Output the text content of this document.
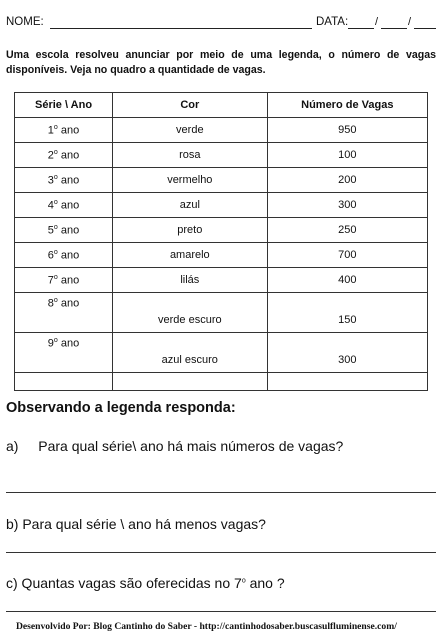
NOME:	DATA: /	/
Uma escola resolveu anunciar por meio de uma legenda, o número de vagas disponíveis. Veja no quadro a quantidade de vagas.
Série \ Ano	Cor	Número de Vagas
1$^o$ ano	verde	950
2$^o$ ano	rosa	100
3$^o$ ano	vermelho	200
4$^o$ ano	azul	300
5$^o$ ano	preto	250
6$^o$ ano	amarelo	700
7$^o$ ano	lilás	400
8$^o$ ano	verde escuro	150
9$^o$ ano	azul escuro	300

Observando a legenda responda:
a) Para qual série\ ano há mais números de vagas?
b) Para qual série \ ano há menos vagas?
c) Quantas vagas são oferecidas no 7$^o$ ano ?
Desenvolvido Por: Blog Cantinho do Saber - http://cantinhodosaber.buscasulfluminense.com/
